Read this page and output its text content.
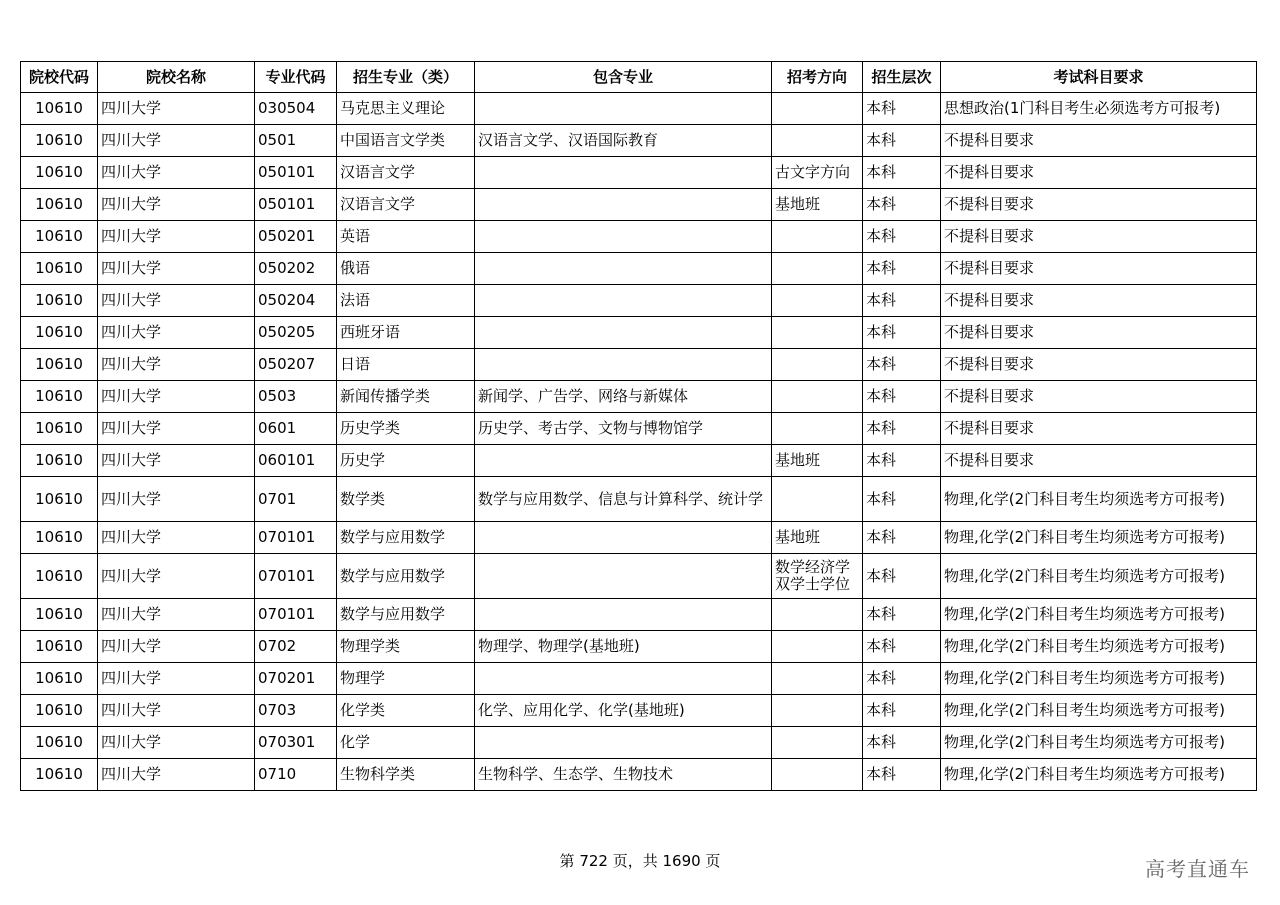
院校代码	院校名称	专业代码	招生专业（类）	包含专业	招考方向	招生层次	考试科目要求
10610	四川大学	030504	马克思主义理论			本科	思想政治(1门科目考生必须选考方可报考)
10610	四川大学	0501	中国语言文学类	汉语言文学、汉语国际教育		本科	不提科目要求
10610	四川大学	050101	汉语言文学		古文字方向	本科	不提科目要求
10610	四川大学	050101	汉语言文学		基地班	本科	不提科目要求
10610	四川大学	050201	英语			本科	不提科目要求
10610	四川大学	050202	俄语			本科	不提科目要求
10610	四川大学	050204	法语			本科	不提科目要求
10610	四川大学	050205	西班牙语			本科	不提科目要求
10610	四川大学	050207	日语			本科	不提科目要求
10610	四川大学	0503	新闻传播学类	新闻学、广告学、网络与新媒体		本科	不提科目要求
10610	四川大学	0601	历史学类	历史学、考古学、文物与博物馆学		本科	不提科目要求
10610	四川大学	060101	历史学		基地班	本科	不提科目要求
10610	四川大学	0701	数学类	数学与应用数学、信息与计算科学、统计学		本科	物理,化学(2门科目考生均须选考方可报考)
10610	四川大学	070101	数学与应用数学		基地班	本科	物理,化学(2门科目考生均须选考方可报考)
10610	四川大学	070101	数学与应用数学		数学经济学双学士学位	本科	物理,化学(2门科目考生均须选考方可报考)
10610	四川大学	070101	数学与应用数学			本科	物理,化学(2门科目考生均须选考方可报考)
10610	四川大学	0702	物理学类	物理学、物理学(基地班)		本科	物理,化学(2门科目考生均须选考方可报考)
10610	四川大学	070201	物理学			本科	物理,化学(2门科目考生均须选考方可报考)
10610	四川大学	0703	化学类	化学、应用化学、化学(基地班)		本科	物理,化学(2门科目考生均须选考方可报考)
10610	四川大学	070301	化学			本科	物理,化学(2门科目考生均须选考方可报考)
10610	四川大学	0710	生物科学类	生物科学、生态学、生物技术		本科	物理,化学(2门科目考生均须选考方可报考)
第 722 页，共 1690 页	高考直通车
